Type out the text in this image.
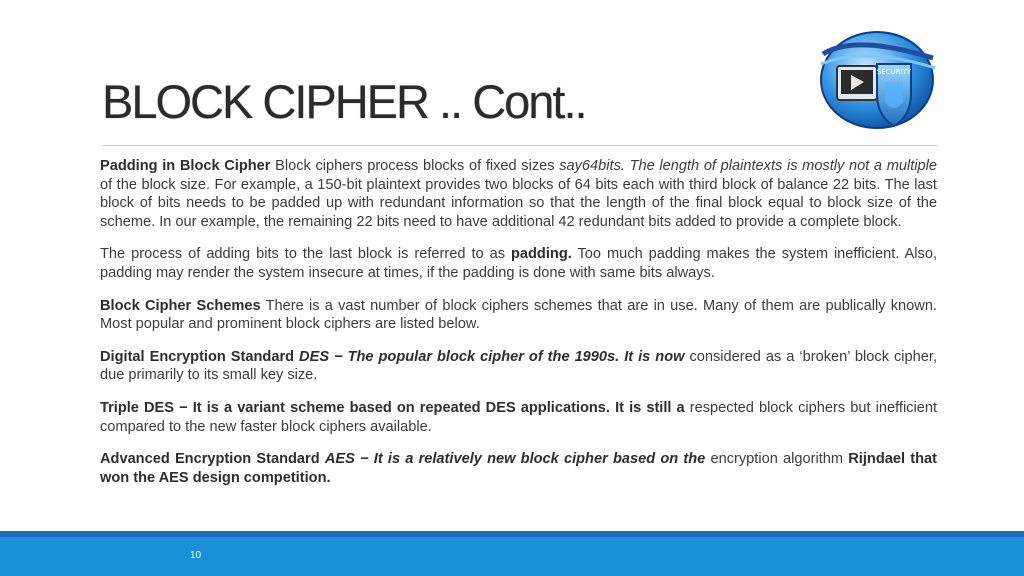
BLOCK CIPHER .. Cont..
SECURITY

Padding in Block Cipher Block ciphers process blocks of fixed sizes say64bits. The length of plaintexts is mostly not a multiple of the block size. For example, a 150-bit plaintext provides two blocks of 64 bits each with third block of balance 22 bits. The last block of bits needs to be padded up with redundant information so that the length of the final block equal to block size of the scheme. In our example, the remaining 22 bits need to have additional 42 redundant bits added to provide a complete block.

The process of adding bits to the last block is referred to as padding. Too much padding makes the system inefficient. Also, padding may render the system insecure at times, if the padding is done with same bits always.

Block Cipher Schemes There is a vast number of block ciphers schemes that are in use. Many of them are publically known. Most popular and prominent block ciphers are listed below.

Digital Encryption Standard DES − The popular block cipher of the 1990s. It is now considered as a ‘broken’ block cipher, due primarily to its small key size.

Triple DES − It is a variant scheme based on repeated DES applications. It is still a respected block ciphers but inefficient compared to the new faster block ciphers available.

Advanced Encryption Standard AES − It is a relatively new block cipher based on the encryption algorithm Rijndael that won the AES design competition.

10
